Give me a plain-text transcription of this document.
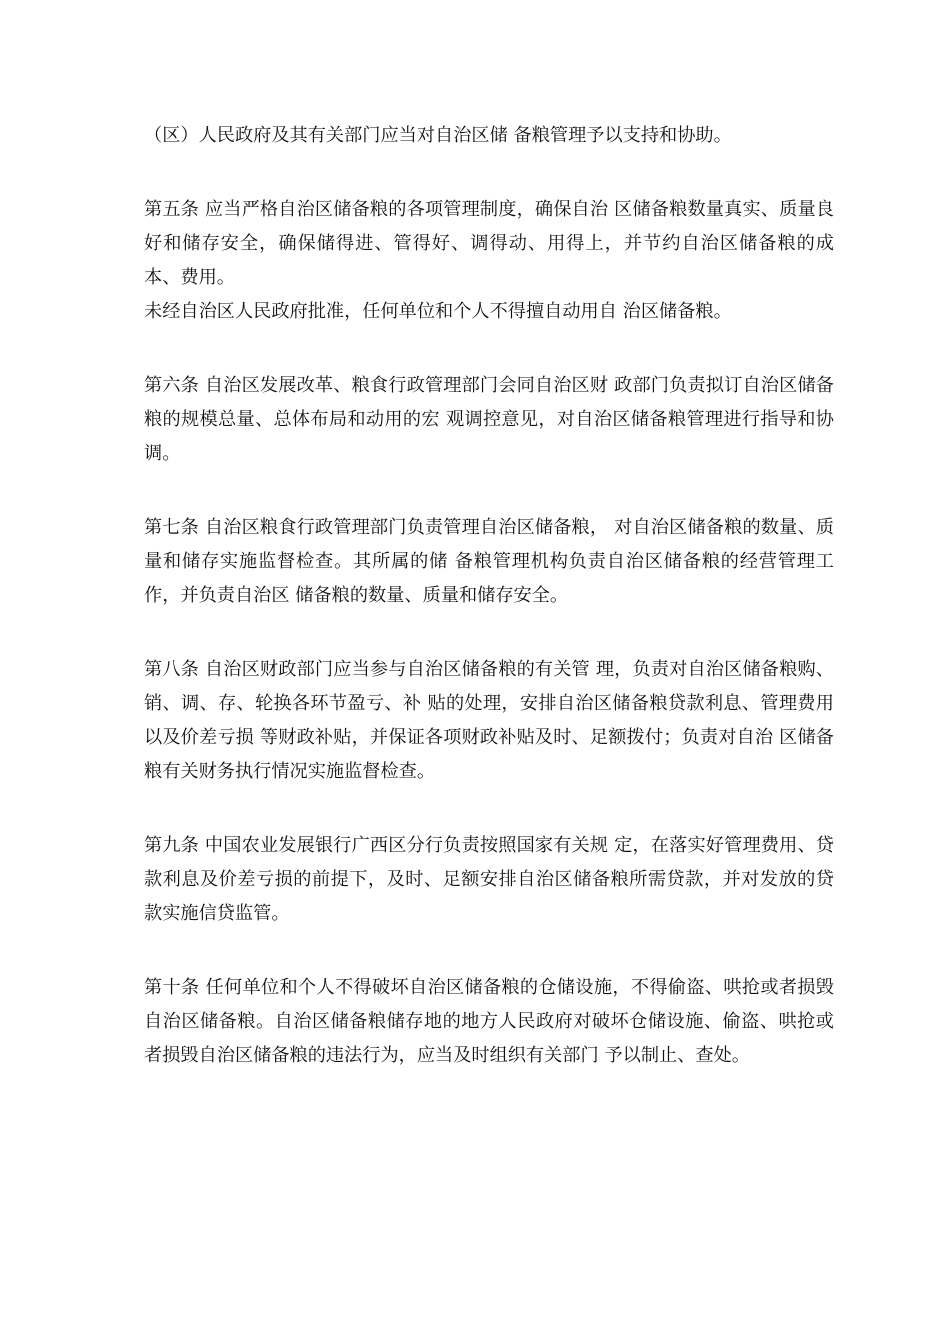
（区）人民政府及其有关部门应当对自治区储 备粮管理予以支持和协助。

第五条 应当严格自治区储备粮的各项管理制度，确保自治 区储备粮数量真实、质量良好和储存安全，确保储得进、管得好、调得动、用得上，并节约自治区储备粮的成本、费用。

未经自治区人民政府批准，任何单位和个人不得擅自动用自 治区储备粮。

第六条 自治区发展改革、粮食行政管理部门会同自治区财 政部门负责拟订自治区储备粮的规模总量、总体布局和动用的宏 观调控意见，对自治区储备粮管理进行指导和协调。

第七条 自治区粮食行政管理部门负责管理自治区储备粮， 对自治区储备粮的数量、质量和储存实施监督检查。其所属的储 备粮管理机构负责自治区储备粮的经营管理工作，并负责自治区 储备粮的数量、质量和储存安全。

第八条 自治区财政部门应当参与自治区储备粮的有关管 理，负责对自治区储备粮购、销、调、存、轮换各环节盈亏、补 贴的处理，安排自治区储备粮贷款利息、管理费用以及价差亏损 等财政补贴，并保证各项财政补贴及时、足额拨付；负责对自治 区储备粮有关财务执行情况实施监督检查。

第九条 中国农业发展银行广西区分行负责按照国家有关规 定，在落实好管理费用、贷款利息及价差亏损的前提下，及时、足额安排自治区储备粮所需贷款，并对发放的贷款实施信贷监管。

第十条 任何单位和个人不得破坏自治区储备粮的仓储设施，不得偷盗、哄抢或者损毁自治区储备粮。自治区储备粮储存地的地方人民政府对破坏仓储设施、偷盗、哄抢或者损毁自治区储备粮的违法行为，应当及时组织有关部门 予以制止、查处。
